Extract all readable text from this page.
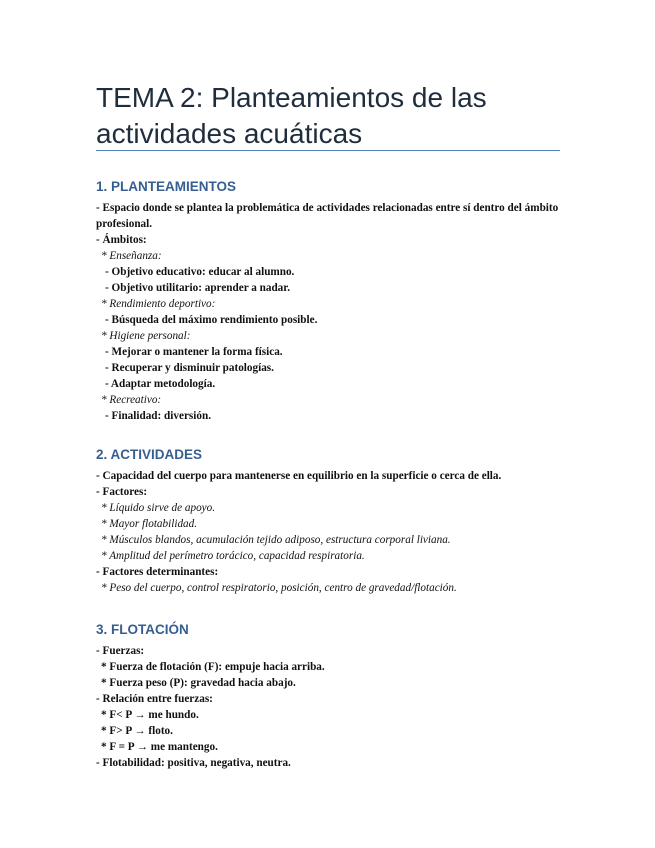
TEMA 2: Planteamientos de las
actividades acuáticas
1. PLANTEAMIENTOS
- Espacio donde se plantea la problemática de actividades relacionadas entre sí dentro del ámbito profesional.
- Ámbitos:
* Enseñanza:
- Objetivo educativo: educar al alumno.
- Objetivo utilitario: aprender a nadar.
* Rendimiento deportivo:
- Búsqueda del máximo rendimiento posible.
* Higiene personal:
- Mejorar o mantener la forma física.
- Recuperar y disminuir patologías.
- Adaptar metodología.
* Recreativo:
- Finalidad: diversión.
2. ACTIVIDADES
- Capacidad del cuerpo para mantenerse en equilibrio en la superficie o cerca de ella.
- Factores:
* Líquido sirve de apoyo.
* Mayor flotabilidad.
* Músculos blandos, acumulación tejido adiposo, estructura corporal liviana.
* Amplitud del perímetro torácico, capacidad respiratoria.
- Factores determinantes:
* Peso del cuerpo, control respiratorio, posición, centro de gravedad/flotación.
3. FLOTACIÓN
- Fuerzas:
* Fuerza de flotación (F): empuje hacia arriba.
* Fuerza peso (P): gravedad hacia abajo.
- Relación entre fuerzas:
* F< P → me hundo.
* F> P → floto.
* F = P → me mantengo.
- Flotabilidad: positiva, negativa, neutra.
